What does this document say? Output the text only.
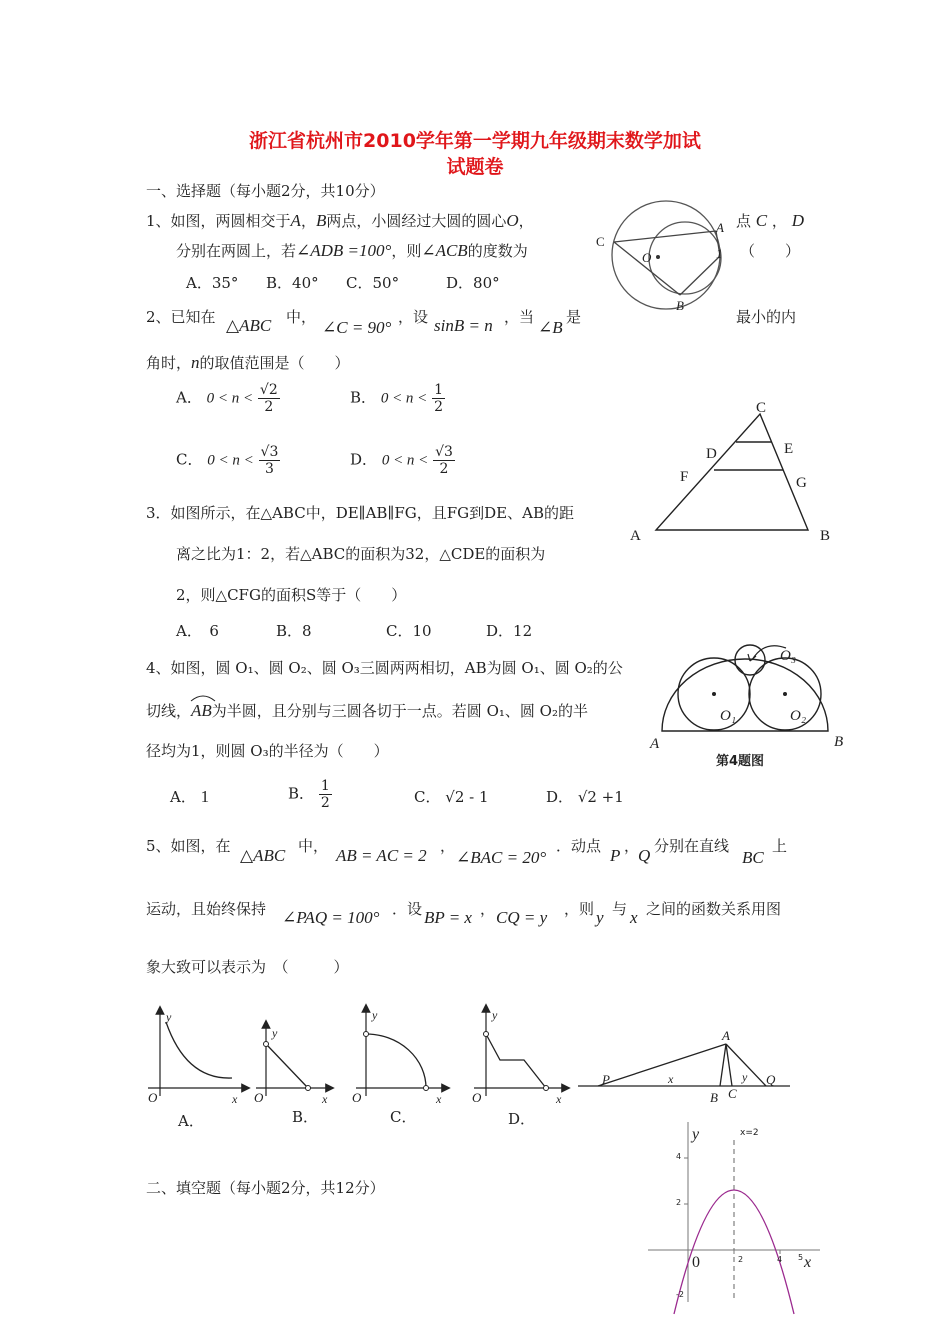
浙江省杭州市2010学年第一学期九年级期末数学加试
试题卷
一、选择题（每小题2分，共10分）
1、如图，两圆相交于A，B两点，小圆经过大圆的圆心O，	点 C ， D
分别在两圆上，若∠ADB =100°，则∠ACB的度数为	（　　）
A．35° B．40° C．50°	D．80°
C
A
O	1
B
2、已知在 △ABC 中，
∠C = 90°
，设 sinB = n ，当
∠B
是	最小的内
角时，n的取值范围是（　　）
A． $0 < n < \frac{√2}{2}$	B． $0 < n < \frac{1}{2}$
C． $0 < n < \frac{√3}{3}$	D． $0 < n < \frac{√3}{2}$
C
D	E
F	G
A	B
3．如图所示，在△ABC中，DE∥AB∥FG，且FG到DE、AB的距
离之比为1：2，若△ABC的面积为32，△CDE的面积为
2，则△CFG的面积S等于（　　）
A．　6	B．8	C．10	D．12
4、如图，圆 O₁、圆 O₂、圆 O₃三圆两两相切，AB为圆 O₁、圆 O₂的公
切线，
AB为半圆，且分别与三圆各切于一点。若圆 O₁、圆 O₂的半
径均为1，则圆 O₃的半径为（　　）
A． 1	B． $\frac{1}{2}$	C． √2 - 1	D． √2 +1
O₃
O₁	O₂
A	B
第4题图
5、如图，在 △ABC 中， AB = AC = 2 ，
∠BAC = 20°
．动点 P ，
Q 分别在直线
BC
上
运动，且始终保持 ∠PAQ = 100° ．设 BP = x ， CQ = y ，则 y 与 x 之间的函数关系用图
象大致可以表示为　（　　　）
y
O	x
A．
y
O	x
B．
y
O	x
C．
y
O	x
D．
A
P	x	y Q
B C
y	x=2
4
2
0	2	4 5 x
-2
二、填空题（每小题2分，共12分）
